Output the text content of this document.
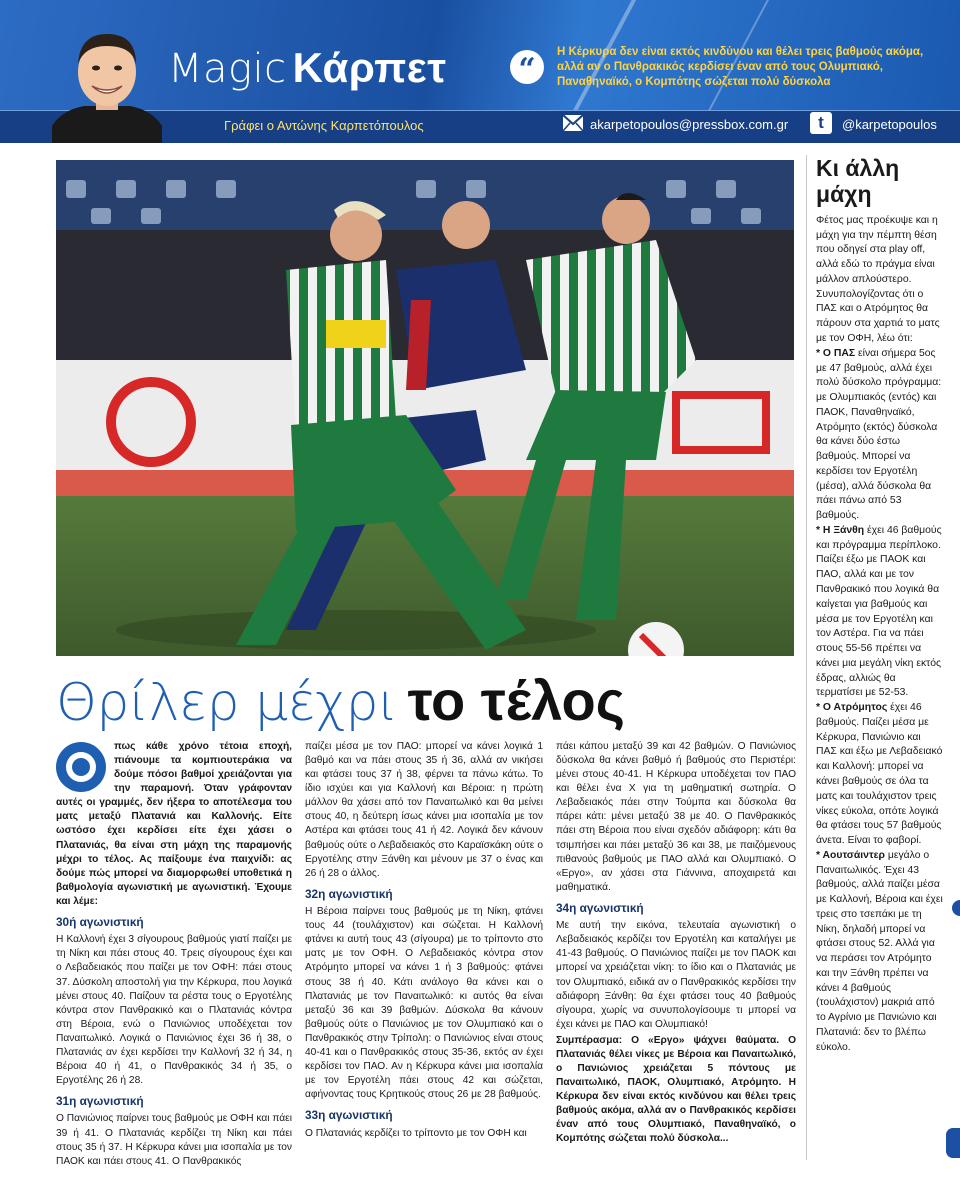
Magic Κάρπετ “	Η Κέρκυρα δεν είναι εκτός κινδύνου και θέλει τρεις βαθμούς ακόμα, αλλά αν ο Πανθρακικός κερδίσει έναν από τους Ολυμπιακό, Παναθηναϊκό, ο Κομπότης σώζεται πολύ δύσκολα
Γράφει ο Αντώνης Καρπετόπουλος	akarpetopoulos@pressbox.com.gr	t	@karpetopoulos
Θρίλερ μέχρι το τέλος

πως κάθε χρόνο τέτοια εποχή, πιάνουμε τα κομπιουτεράκια να δούμε πόσοι βαθμοί χρειάζονται για την παραμονή. Όταν γράφονταν αυτές οι γραμμές, δεν ήξερα το αποτέλεσμα του ματς μεταξύ Πλατανιά και Καλλονής. Είτε ωστόσο έχει κερδίσει είτε έχει χάσει ο Πλατανιάς, θα είναι στη μάχη της παραμονής μέχρι το τέλος. Ας παίξουμε ένα παιχνίδι: ας δούμε πώς μπορεί να διαμορφωθεί υποθετικά η βαθμολογία αγωνιστική με αγωνιστική. Έχουμε και λέμε:

30ή αγωνιστική

Η Καλλονή έχει 3 σίγουρους βαθμούς γιατί παίζει με τη Νίκη και πάει στους 40. Τρεις σίγουρους έχει και ο Λεβαδειακός που παίζει με τον ΟΦΗ: πάει στους 37. Δύσκολη αποστολή για την Κέρκυρα, που λογικά μένει στους 40. Παίζουν τα ρέστα τους ο Εργοτέλης κόντρα στον Πανθρακικό και ο Πλατανιάς κόντρα στη Βέροια, ενώ ο Πανιώνιος υποδέχεται τον Παναιτωλικό. Λογικά ο Πανιώνιος έχει 36 ή 38, ο Πλατανιάς αν έχει κερδίσει την Καλλονή 32 ή 34, η Βέροια 40 ή 41, ο Πανθρακικός 34 ή 35, ο Εργοτέλης 26 ή 28.

31η αγωνιστική

Ο Πανιώνιος παίρνει τους βαθμούς με ΟΦΗ και πάει 39 ή 41. Ο Πλατανιάς κερδίζει τη Νίκη και πάει στους 35 ή 37. Η Κέρκυρα κάνει μια ισοπαλία με τον ΠΑΟΚ και πάει στους 41. Ο Πανθρακικός

παίζει μέσα με τον ΠΑΟ: μπορεί να κάνει λογικά 1 βαθμό και να πάει στους 35 ή 36, αλλά αν νικήσει και φτάσει τους 37 ή 38, φέρνει τα πάνω κάτω. Το ίδιο ισχύει και για Καλλονή και Βέροια: η πρώτη μάλλον θα χάσει από τον Παναιτωλικό και θα μείνει στους 40, η δεύτερη ίσως κάνει μια ισοπαλία με τον Αστέρα και φτάσει τους 41 ή 42. Λογικά δεν κάνουν βαθμούς ούτε ο Λεβαδειακός στο Καραϊσκάκη ούτε ο Εργοτέλης στην Ξάνθη και μένουν με 37 ο ένας και 26 ή 28 ο άλλος.

32η αγωνιστική

Η Βέροια παίρνει τους βαθμούς με τη Νίκη, φτάνει τους 44 (τουλάχιστον) και σώζεται. Η Καλλονή φτάνει κι αυτή τους 43 (σίγουρα) με το τρίποντο στο ματς με τον ΟΦΗ. Ο Λεβαδειακός κόντρα στον Ατρόμητο μπορεί να κάνει 1 ή 3 βαθμούς: φτάνει στους 38 ή 40. Κάτι ανάλογο θα κάνει και ο Πλατανιάς με τον Παναιτωλικό: κι αυτός θα είναι μεταξύ 36 και 39 βαθμών. Δύσκολα θα κάνουν βαθμούς ούτε ο Πανιώνιος με τον Ολυμπιακό και ο Πανθρακικός στην Τρίπολη: ο Πανιώνιος είναι στους 40-41 και ο Πανθρακικός στους 35-36, εκτός αν έχει κερδίσει τον ΠΑΟ. Αν η Κέρκυρα κάνει μια ισοπαλία με τον Εργοτέλη πάει στους 42 και σώζεται, αφήνοντας τους Κρητικούς στους 26 με 28 βαθμούς.

33η αγωνιστική

Ο Πλατανιάς κερδίζει το τρίποντο με τον ΟΦΗ και

πάει κάπου μεταξύ 39 και 42 βαθμών. Ο Πανιώνιος δύσκολα θα κάνει βαθμό ή βαθμούς στο Περιστέρι: μένει στους 40-41. Η Κέρκυρα υποδέχεται τον ΠΑΟ και θέλει ένα Χ για τη μαθηματική σωτηρία. Ο Λεβαδειακός πάει στην Τούμπα και δύσκολα θα πάρει κάτι: μένει μεταξύ 38 με 40. Ο Πανθρακικός πάει στη Βέροια που είναι σχεδόν αδιάφορη: κάτι θα τσιμπήσει και πάει μεταξύ 36 και 38, με παιζόμενους πιθανούς βαθμούς με ΠΑΟ αλλά και Ολυμπιακό. Ο «Εργο», αν χάσει στα Γιάννινα, αποχαιρετά και μαθηματικά.

34η αγωνιστική

Με αυτή την εικόνα, τελευταία αγωνιστική ο Λεβαδειακός κερδίζει τον Εργοτέλη και καταλήγει με 41-43 βαθμούς. Ο Πανιώνιος παίζει με τον ΠΑΟΚ και μπορεί να χρειάζεται νίκη: το ίδιο και ο Πλατανιάς με τον Ολυμπιακό, ειδικά αν ο Πανθρακικός κερδίσει την αδιάφορη Ξάνθη: θα έχει φτάσει τους 40 βαθμούς σίγουρα, χωρίς να συνυπολογίσουμε τι μπορεί να έχει κάνει με ΠΑΟ και Ολυμπιακό!

Συμπέρασμα: Ο «Εργο» ψάχνει θαύματα. Ο Πλατανιάς θέλει νίκες με Βέροια και Παναιτωλικό, ο Πανιώνιος χρειάζεται 5 πόντους με Παναιτωλικό, ΠΑΟΚ, Ολυμπιακό, Ατρόμητο. Η Κέρκυρα δεν είναι εκτός κινδύνου και θέλει τρεις βαθμούς ακόμα, αλλά αν ο Πανθρακικός κερδίσει έναν από τους Ολυμπιακό, Παναθηναϊκό, ο Κομπότης σώζεται πολύ δύσκολα...

Κι άλλη μάχη

Φέτος μας προέκυψε και η μάχη για την πέμπτη θέση που οδηγεί στα play off, αλλά εδώ το πράγμα είναι μάλλον απλούστερο. Συνυπολογίζοντας ότι ο ΠΑΣ και ο Ατρόμητος θα πάρουν στα χαρτιά το ματς με τον ΟΦΗ, λέω ότι:

* Ο ΠΑΣ είναι σήμερα 5ος με 47 βαθμούς, αλλά έχει πολύ δύσκολο πρόγραμμα: με Ολυμπιακός (εντός) και ΠΑΟΚ, Παναθηναϊκό, Ατρόμητο (εκτός) δύσκολα θα κάνει δύο έστω βαθμούς. Μπορεί να κερδίσει τον Εργοτέλη (μέσα), αλλά δύσκολα θα πάει πάνω από 53 βαθμούς.

* Η Ξάνθη έχει 46 βαθμούς και πρόγραμμα περίπλοκο. Παίζει έξω με ΠΑΟΚ και ΠΑΟ, αλλά και με τον Πανθρακικό που λογικά θα καίγεται για βαθμούς και μέσα με τον Εργοτέλη και τον Αστέρα. Για να πάει στους 55-56 πρέπει να κάνει μια μεγάλη νίκη εκτός έδρας, αλλιώς θα τερματίσει με 52-53.

* Ο Ατρόμητος έχει 46 βαθμούς. Παίζει μέσα με Κέρκυρα, Πανιώνιο και ΠΑΣ και έξω με Λεβαδειακό και Καλλονή: μπορεί να κάνει βαθμούς σε όλα τα ματς και τουλάχιστον τρεις νίκες εύκολα, οπότε λογικά θα φτάσει τους 57 βαθμούς άνετα. Είναι το φαβορί.

* Αουτσάιντερ μεγάλο ο Παναιτωλικός. Έχει 43 βαθμούς, αλλά παίζει μέσα με Καλλονή, Βέροια και έχει τρεις στο τσεπάκι με τη Νίκη, δηλαδή μπορεί να φτάσει στους 52. Αλλά για να περάσει τον Ατρόμητο και την Ξάνθη πρέπει να κάνει 4 βαθμούς (τουλάχιστον) μακριά από το Αγρίνιο με Πανιώνιο και Πλατανιά: δεν το βλέπω εύκολο.
